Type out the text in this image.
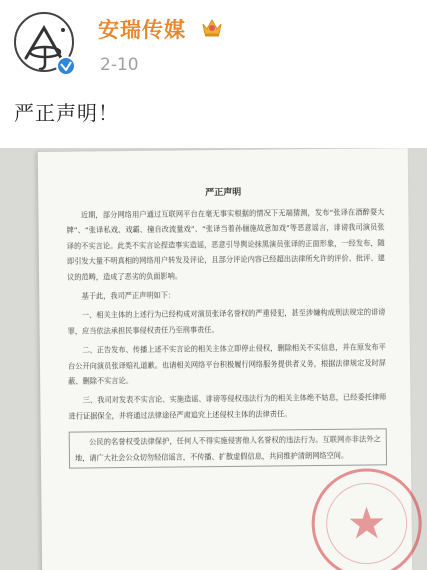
安瑞传媒
2-10
严正声明！
严正声明

近期，部分网络用户通过互联网平台在毫无事实根据的情况下无端猜测，发布“张译在酒醉耍大牌”、“张译私戏、戏霸、撞自改流量戏”、“张译当着孙俪施故意加戏”等恶意谣言，诽谤我司演员张译的不实言论。此类不实言论捏造事实造谣，恶意引导舆论抹黑演员张译的正面形象，一经发布，随即引发大量不明真相的网络用户转发及评论，且部分评论内容已经超出法律所允许的评价、批评、建议的范畴，造成了恶劣的负面影响。

基于此，我司严正声明如下：

一、相关主体的上述行为已经构成对演员张译名誉权的严重侵犯，甚至涉嫌构成刑法规定的诽谤罪，应当依法承担民事侵权责任乃至刑事责任。

二、正告发布、传播上述不实言论的相关主体立即停止侵权，删除相关不实信息，并在原发布平台公开向演员张译赔礼道歉。也请相关网络平台积极履行网络服务提供者义务，根据法律规定及时屏蔽、删除不实言论。

三、我司对发表不实言论、实施造谣、诽谤等侵权违法行为的相关主体绝不姑息，已经委托律师进行证据保全，并将通过法律途径严肃追究上述侵权主体的法律责任。

公民的名誉权受法律保护，任何人不得实施侵害他人名誉权的违法行为。互联网亦非法外之地，请广大社会公众切勿轻信谣言，不传播、扩散虚假信息，共同维护清朗网络空间。
